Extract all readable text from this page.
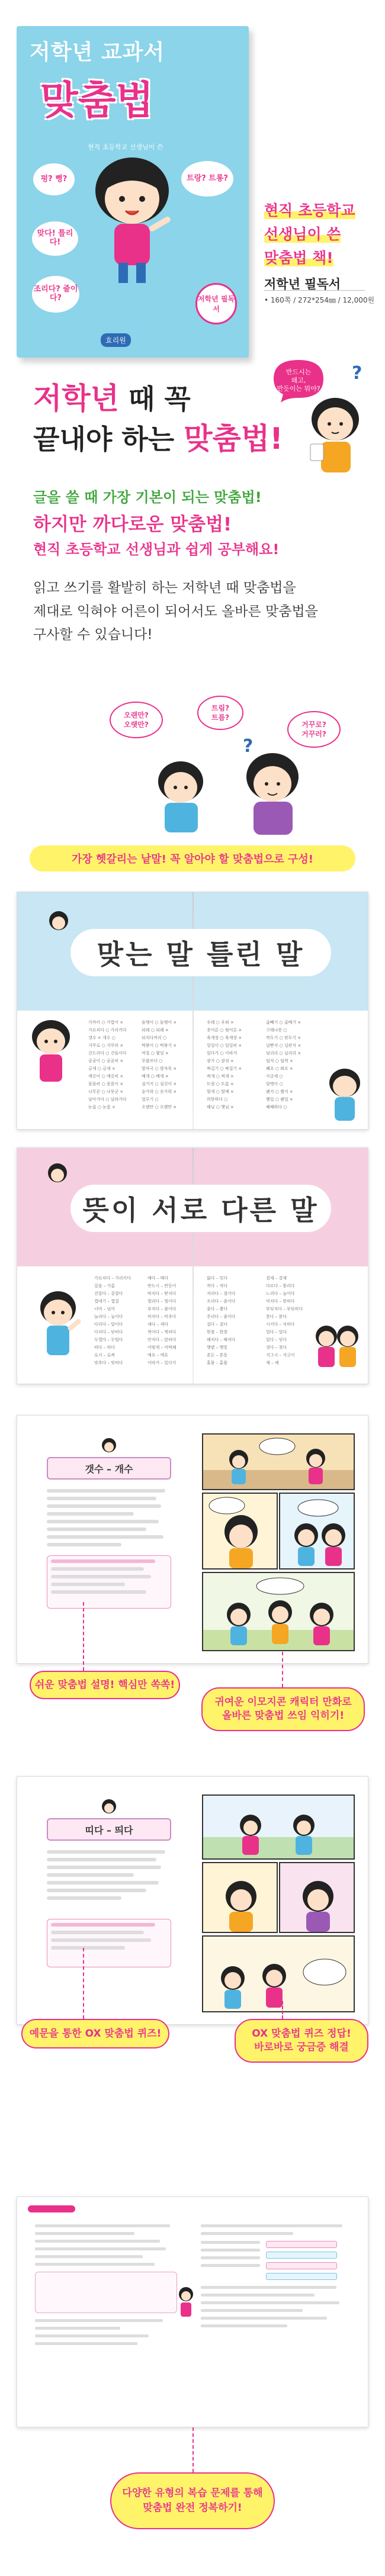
저학년 교과서
맞춤법
현직 초등학교 선생님이 쓴
펑? 뻥?	트랑? 트롱?
맞다! 틀리다!
조리다? 줄이다?	저학년 필독서
효리원
현직 초등학교
선생님이 쓴
맞춤법 책!
저학년 필독서
• 160쪽 / 272*254㎜ / 12,000원
저학년 때 꼭
끝내야 하는 맞춤법!
반드시는
왜고,
반듯이는 뭐야?
?
글을 쓸 때 가장 기본이 되는 맞춤법!
하지만 까다로운 맞춤법!
현직 초등학교 선생님과 쉽게 공부해요!
읽고 쓰기를 활발히 하는 저학년 때 맞춤법을
제대로 익혀야 어른이 되어서도 올바른 맞춤법을
구사할 수 있습니다!
오랜만?
오랫만?
트림?
트름?
거꾸로?
거꾸러?
?
가장 헷갈리는 낱말! 꼭 알아야 할 맞춤법으로 구성!
맞는 말 틀린 말
가까이 ○ 가깝이 ×
가르치다 ○ 가리키다
갯수 × 개수 ○
거꾸로 ○ 거꾸러 ×
건드리다 ○ 건들이다
곰곰이 ○ 곰곰히 ×
금세 ○ 금새 ×
깨끗이 ○ 깨끗히 ×
꼼꼼히 ○ 꼼꼼이 ×
나무꾼 ○ 나뭇군 ×
날아가다 ○ 날라가다
눈곱 ○ 눈꼽 ×
돌멩이 ○ 돌맹이 ×
되레 ○ 되래 ×
뒤치다꺼리 ○
떡볶이 ○ 떡볶기 ×
며칠 ○ 몇일 ×
무릅쓰다 ○
발자국 ○ 발자욱 ×
베개 ○ 배게 ×
설거지 ○ 설겆이 ×
숟가락 ○ 숫가락 ×
얼루기 ○
오랜만 ○ 오랫만 ×
우레 ○ 우뢰 ×
웃어른 ○ 윗어른 ×
육개장 ○ 육계장 ×
일일이 ○ 일일히 ×
있다가 ○ 이따가
잠가 ○ 잠궈 ×
짜깁기 ○ 짜집기 ×
찌개 ○ 찌게 ×
트림 ○ 트름 ×
할게 ○ 할께 ×
희한하다 ○
해님 ○ 햇님 ×
곱빼기 ○ 곱배기 ×
구레나룻 ○
깍두기 ○ 깎두기 ×
널빤지 ○ 널판지 ×
늴리리 ○ 닐리리 ×
덥석 ○ 덥썩 ×
봬요 ○ 뵈요 ×
사글세 ○
알맹이 ○
왠지 ○ 웬지 ×
웬일 ○ 왠일 ×
쩨쩨하다 ○
뜻이 서로 다른 말
가르치다 – 가리키다
갈음 – 가름
걷잡다 – 겉잡다
껍데기 – 껍질
너머 – 넘어
늘리다 – 늘이다
다리다 – 달이다
다치다 – 닫히다
두껍다 – 두텁다
띠다 – 띄다
로서 – 로써
맞추다 – 맞히다
매다 – 메다
반드시 – 반듯이
바치다 – 받치다
벌리다 – 벌이다
부치다 – 붙이다
비치다 – 비추다
새다 – 세다
썩이다 – 썩히다
안치다 – 앉히다
어떻게 – 어떡해
예요 – 에요
이따가 – 있다가
잃다 – 잊다
작다 – 적다
저리다 – 절이다
조리다 – 졸이다
좇다 – 쫓다
주리다 – 줄이다
집다 – 짚다
한참 – 한창
해치다 – 헤치다
햇볕 – 햇빛
혼돈 – 혼동
홀몸 – 홑몸
결제 – 결재
다르다 – 틀리다
느리다 – 늘이다
마치다 – 맞히다
부딪치다 – 부딪히다
붓다 – 붇다
시키다 – 식히다
업다 – 엎다
있다 – 잇다
젓다 – 젖다
지그시 – 지긋이
채 – 체
갯수 – 개수
쉬운 맞춤법 설명! 핵심만 쏙쏙!
귀여운 이모지콘 캐릭터 만화로
올바른 맞춤법 쓰임 익히기!
띠다 – 띄다
예문을 통한 OX 맞춤법 퀴즈!	OX 맞춤법 퀴즈 정답!
바로바로 궁금증 해결
다양한 유형의 복습 문제를 통해
맞춤법 완전 정복하기!
